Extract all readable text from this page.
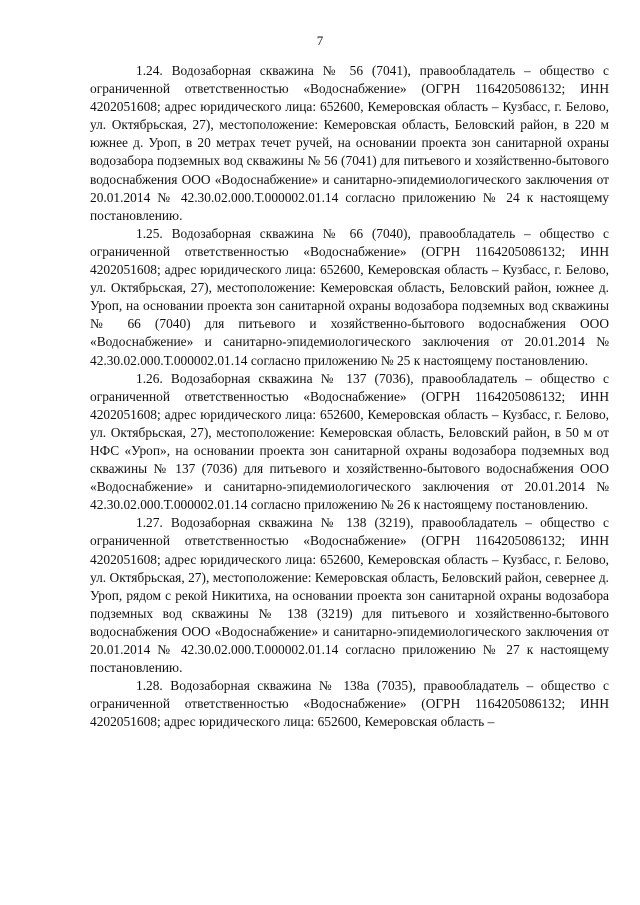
7

1.24. Водозаборная скважина № 56 (7041), правообладатель – общество с ограниченной ответственностью «Водоснабжение» (ОГРН 1164205086132; ИНН 4202051608; адрес юридического лица: 652600, Кемеровская область – Кузбасс, г. Белово, ул. Октябрьская, 27), местоположение: Кемеровская область, Беловский район, в 220 м южнее д. Уроп, в 20 метрах течет ручей, на основании проекта зон санитарной охраны водозабора подземных вод скважины № 56 (7041) для питьевого и хозяйственно-бытового водоснабжения ООО «Водоснабжение» и санитарно-эпидемиологического заключения от 20.01.2014 № 42.30.02.000.Т.000002.01.14 согласно приложению № 24 к настоящему постановлению.

1.25. Водозаборная скважина № 66 (7040), правообладатель – общество с ограниченной ответственностью «Водоснабжение» (ОГРН 1164205086132; ИНН 4202051608; адрес юридического лица: 652600, Кемеровская область – Кузбасс, г. Белово, ул. Октябрьская, 27), местоположение: Кемеровская область, Беловский район, южнее д. Уроп, на основании проекта зон санитарной охраны водозабора подземных вод скважины № 66 (7040) для питьевого и хозяйственно-бытового водоснабжения ООО «Водоснабжение» и санитарно-эпидемиологического заключения от 20.01.2014 № 42.30.02.000.Т.000002.01.14 согласно приложению № 25 к настоящему постановлению.

1.26. Водозаборная скважина № 137 (7036), правообладатель – общество с ограниченной ответственностью «Водоснабжение» (ОГРН 1164205086132; ИНН 4202051608; адрес юридического лица: 652600, Кемеровская область – Кузбасс, г. Белово, ул. Октябрьская, 27), местоположение: Кемеровская область, Беловский район, в 50 м от НФС «Уроп», на основании проекта зон санитарной охраны водозабора подземных вод скважины № 137 (7036) для питьевого и хозяйственно-бытового водоснабжения ООО «Водоснабжение» и санитарно-эпидемиологического заключения от 20.01.2014 № 42.30.02.000.Т.000002.01.14 согласно приложению № 26 к настоящему постановлению.

1.27. Водозаборная скважина № 138 (3219), правообладатель – общество с ограниченной ответственностью «Водоснабжение» (ОГРН 1164205086132; ИНН 4202051608; адрес юридического лица: 652600, Кемеровская область – Кузбасс, г. Белово, ул. Октябрьская, 27), местоположение: Кемеровская область, Беловский район, севернее д. Уроп, рядом с рекой Никитиха, на основании проекта зон санитарной охраны водозабора подземных вод скважины № 138 (3219) для питьевого и хозяйственно-бытового водоснабжения ООО «Водоснабжение» и санитарно-эпидемиологического заключения от 20.01.2014 № 42.30.02.000.Т.000002.01.14 согласно приложению № 27 к настоящему постановлению.

1.28. Водозаборная скважина № 138а (7035), правообладатель – общество с ограниченной ответственностью «Водоснабжение» (ОГРН 1164205086132; ИНН 4202051608; адрес юридического лица: 652600, Кемеровская область –
